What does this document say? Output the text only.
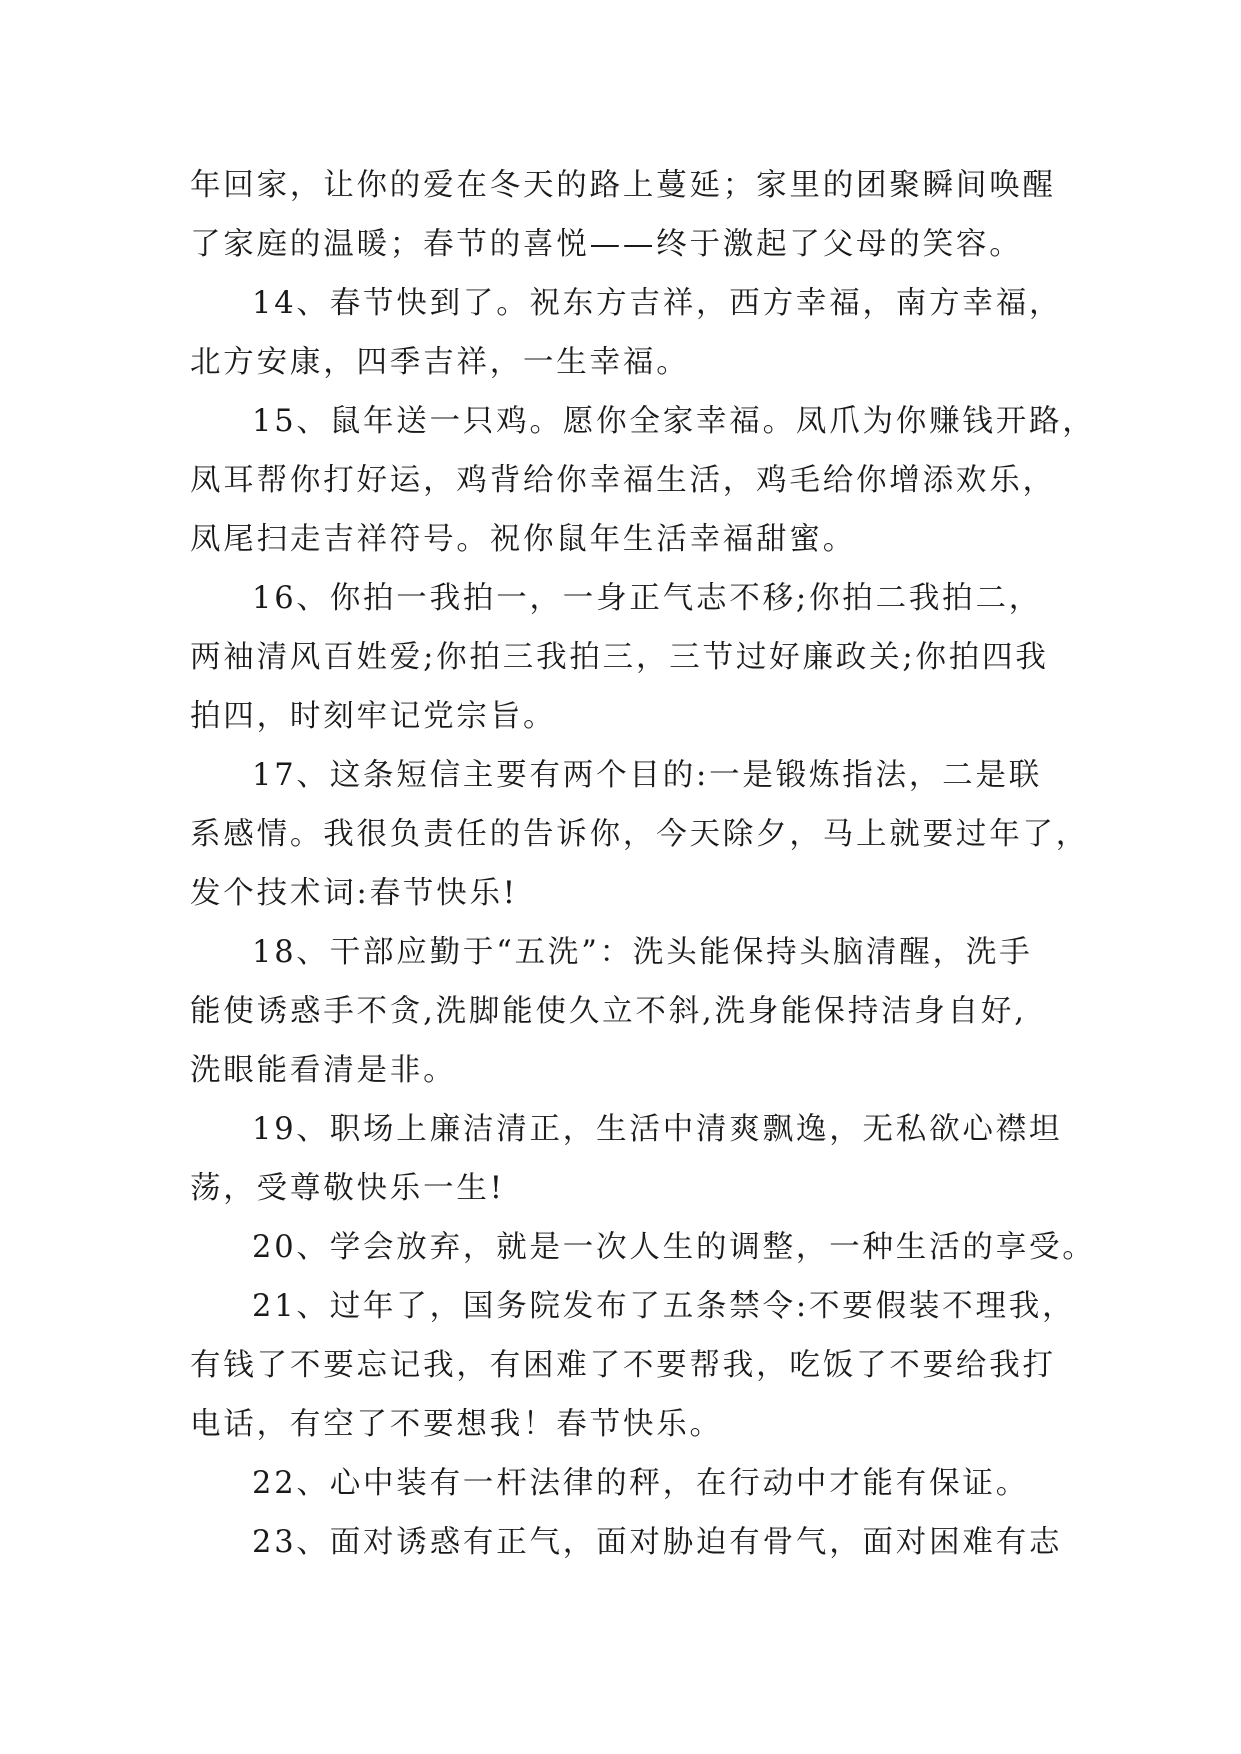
年回家，让你的爱在冬天的路上蔓延；家里的团聚瞬间唤醒
了家庭的温暖；春节的喜悦——终于激起了父母的笑容。

14、春节快到了。祝东方吉祥，西方幸福，南方幸福，
北方安康，四季吉祥，一生幸福。

15、鼠年送一只鸡。愿你全家幸福。凤爪为你赚钱开路，
凤耳帮你打好运，鸡背给你幸福生活，鸡毛给你增添欢乐，
凤尾扫走吉祥符号。祝你鼠年生活幸福甜蜜。

16、你拍一我拍一，一身正气志不移;你拍二我拍二，
两袖清风百姓爱;你拍三我拍三，三节过好廉政关;你拍四我
拍四，时刻牢记党宗旨。

17、这条短信主要有两个目的:一是锻炼指法，二是联
系感情。我很负责任的告诉你，今天除夕，马上就要过年了，
发个技术词:春节快乐!

18、干部应勤于“五洗”：洗头能保持头脑清醒，洗手
能使诱惑手不贪,洗脚能使久立不斜,洗身能保持洁身自好,
洗眼能看清是非。

19、职场上廉洁清正，生活中清爽飘逸，无私欲心襟坦
荡，受尊敬快乐一生!

20、学会放弃，就是一次人生的调整，一种生活的享受。

21、过年了，国务院发布了五条禁令:不要假装不理我，
有钱了不要忘记我，有困难了不要帮我，吃饭了不要给我打
电话，有空了不要想我！春节快乐。

22、心中装有一杆法律的秤，在行动中才能有保证。

23、面对诱惑有正气，面对胁迫有骨气，面对困难有志
